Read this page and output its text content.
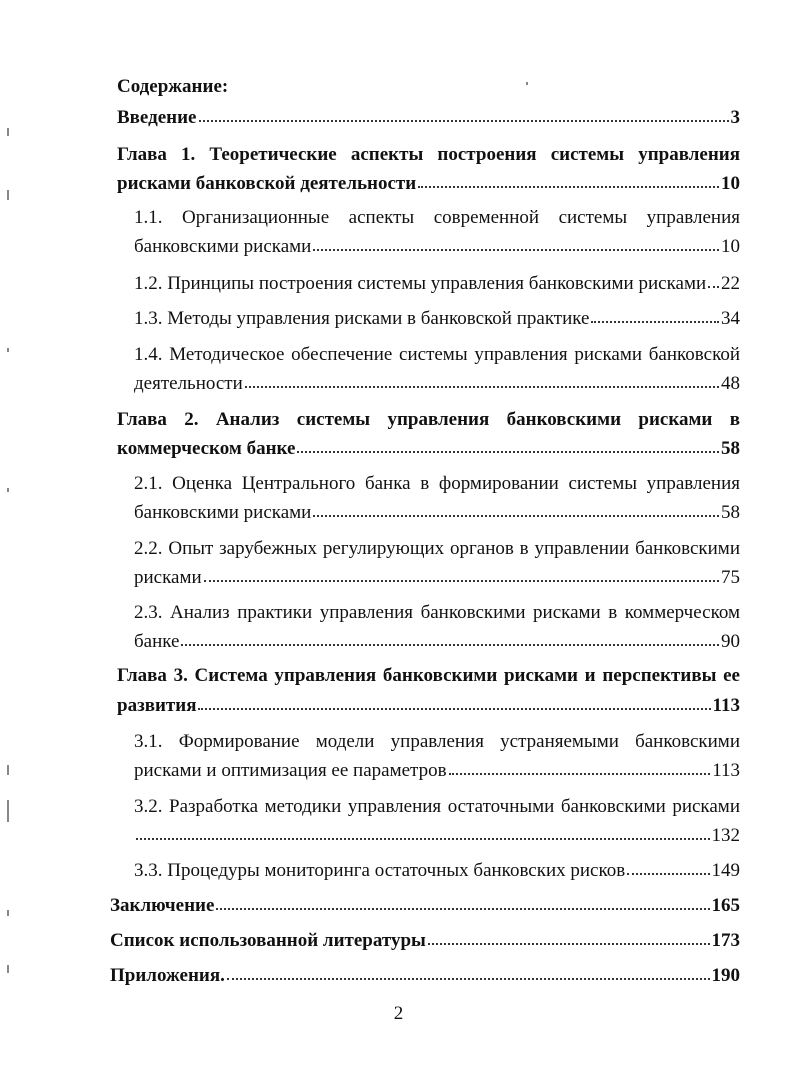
Содержание:
Введение	3
Глава 1. Теоретические аспекты построения системы управления
рисками банковской деятельности	10
1.1. Организационные аспекты современной системы управления
банковскими рисками	10
1.2. Принципы построения системы управления банковскими рисками 22
1.3. Методы управления рисками в банковской практике	34
1.4. Методическое обеспечение системы управления рисками банковской
деятельности	48
Глава 2. Анализ системы управления банковскими рисками в
коммерческом банке	58
2.1. Оценка Центрального банка в формировании системы управления
банковскими рисками	58
2.2. Опыт зарубежных регулирующих органов в управлении банковскими
рисками	75
2.3. Анализ практики управления банковскими рисками в коммерческом
банке	90
Глава 3. Система управления банковскими рисками и перспективы ее
развития	113
3.1. Формирование модели управления устраняемыми банковскими
рисками и оптимизация ее параметров	113
3.2. Разработка методики управления остаточными банковскими рисками
132
3.3. Процедуры мониторинга остаточных банковских рисков	149
Заключение	165
Список использованной литературы	173
Приложения.	190
2
